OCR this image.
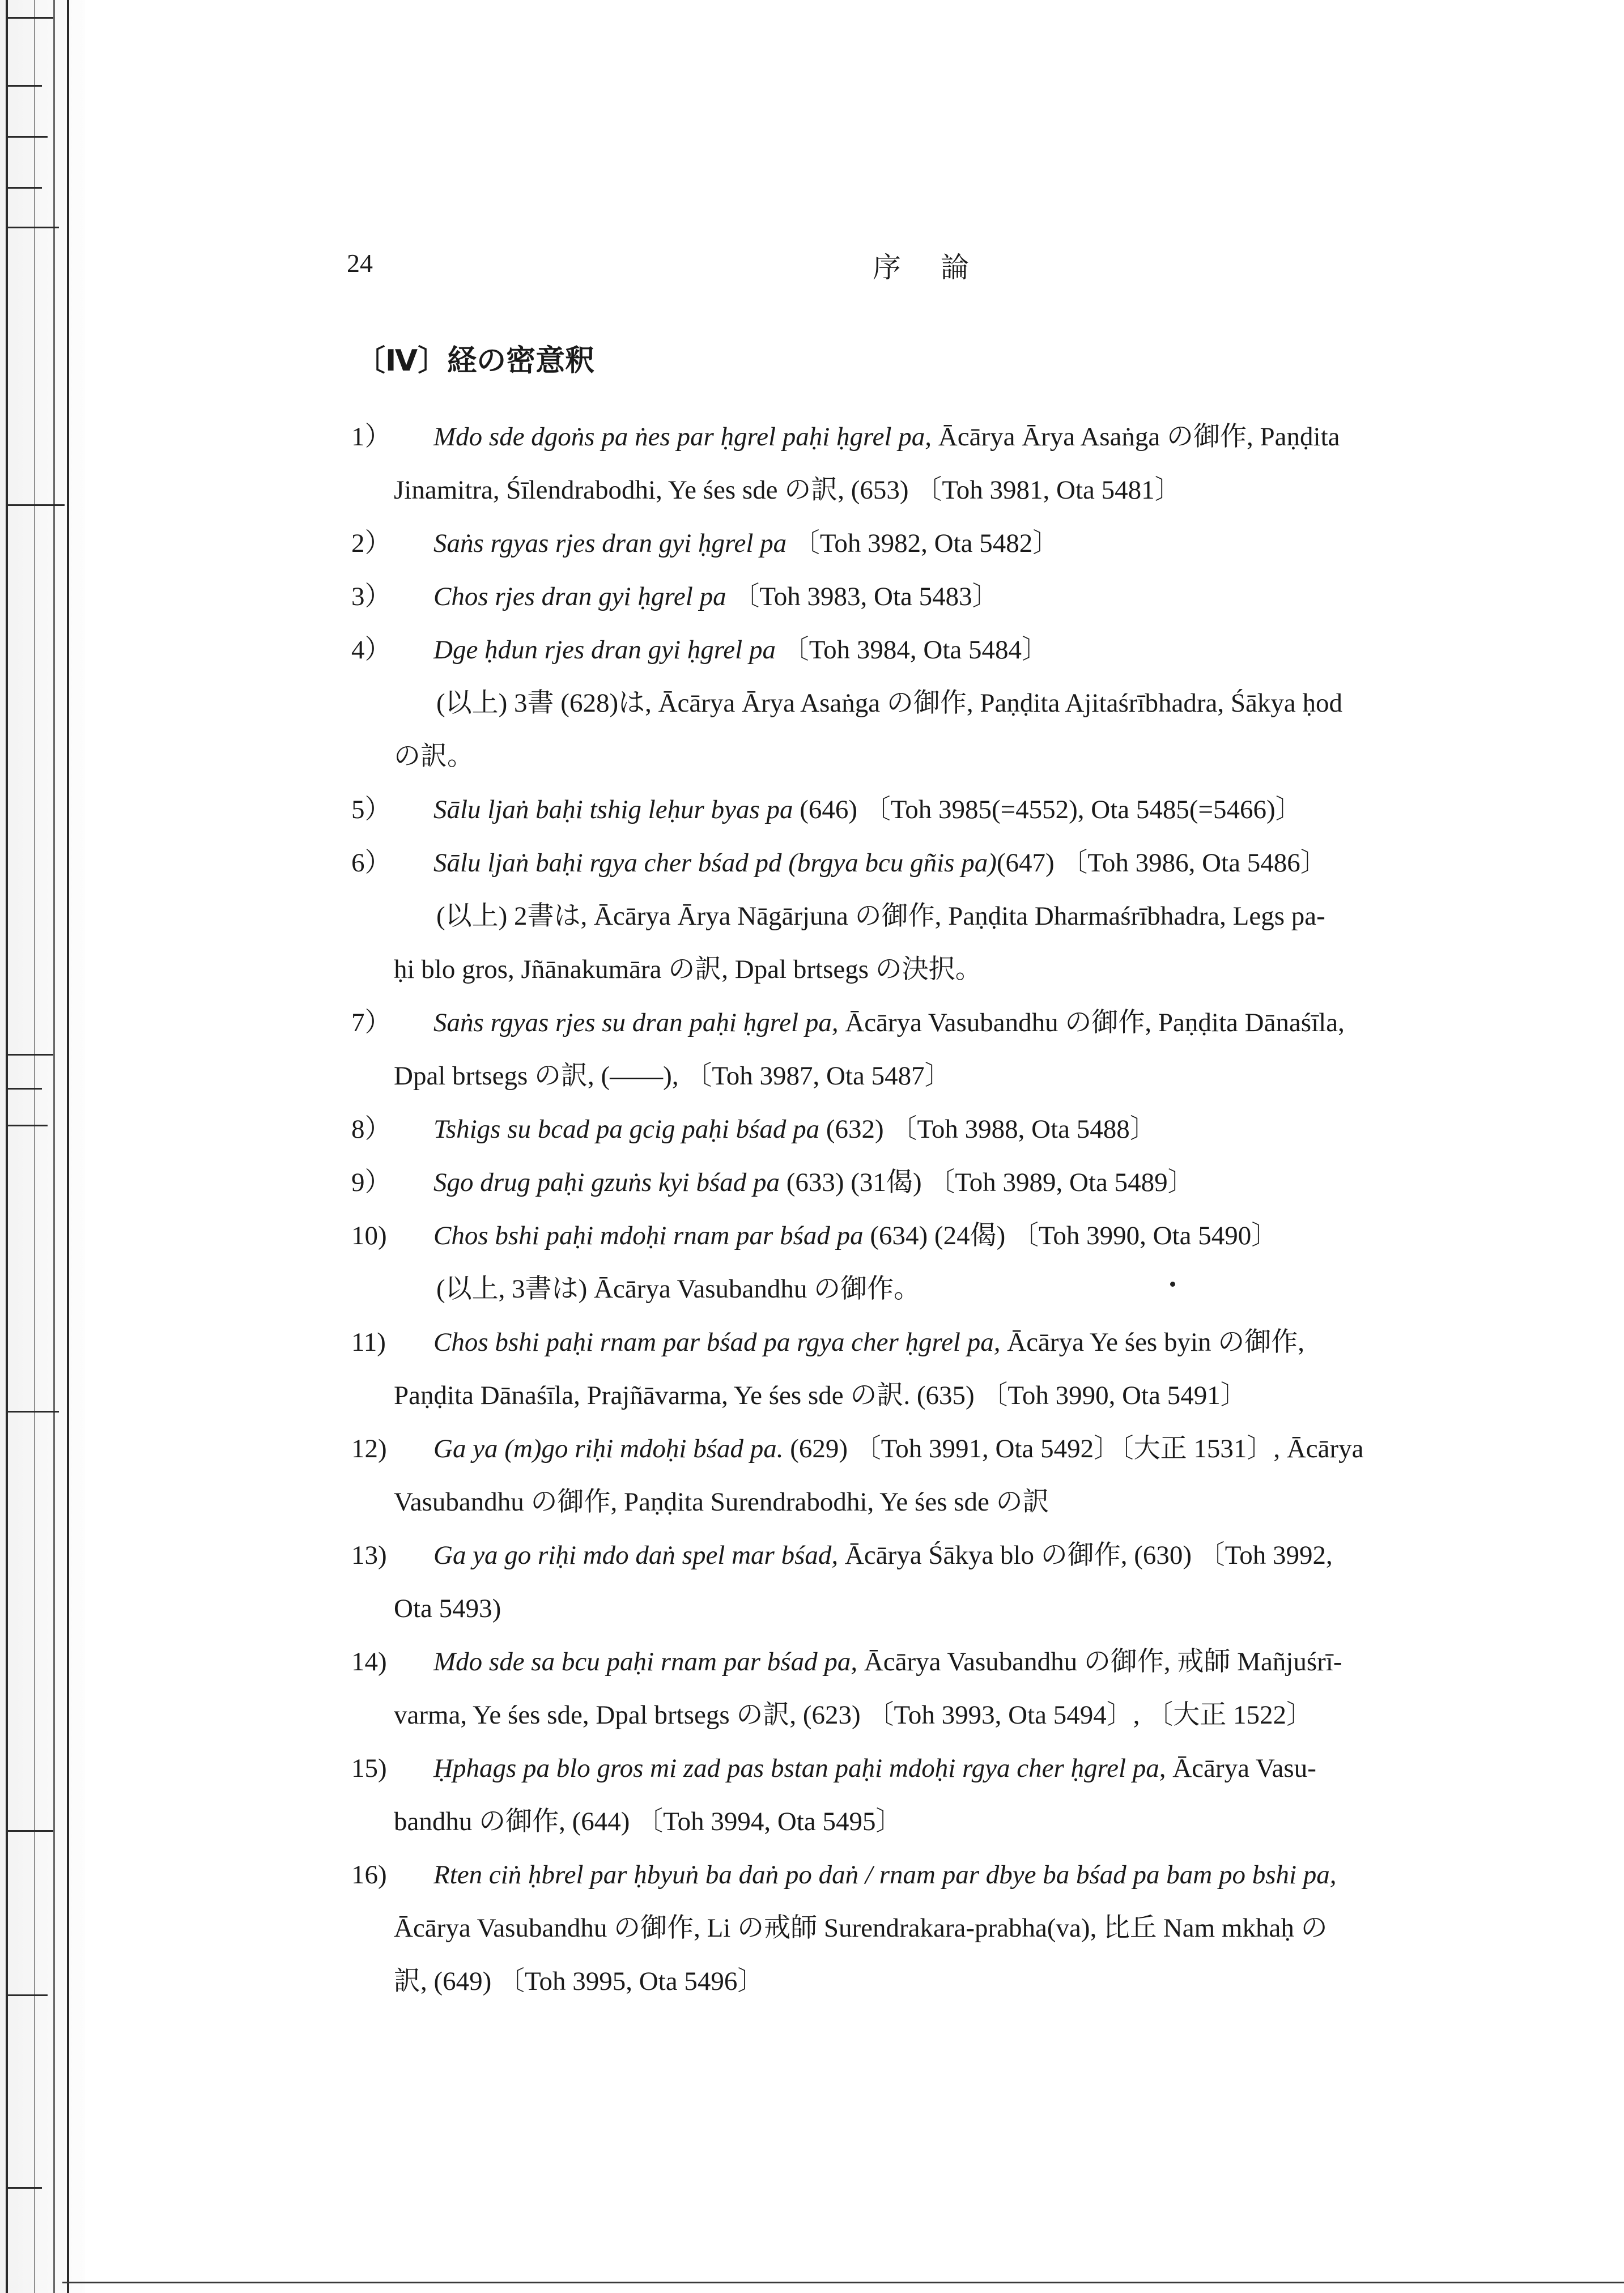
24	序論
〔Ⅳ〕経の密意釈
1） Mdo sde dgoṅs pa ṅes par ḥgrel paḥi ḥgrel pa, Ācārya Ārya Asaṅga の御作, Paṇḍita
Jinamitra, Śīlendrabodhi, Ye śes sde の訳, (653) 〔Toh 3981, Ota 5481〕
2） Saṅs rgyas rjes dran gyi ḥgrel pa 〔Toh 3982, Ota 5482〕
3） Chos rjes dran gyi ḥgrel pa 〔Toh 3983, Ota 5483〕
4） Dge ḥdun rjes dran gyi ḥgrel pa 〔Toh 3984, Ota 5484〕
(以上) 3書 (628)は, Ācārya Ārya Asaṅga の御作, Paṇḍita Ajitaśrībhadra, Śākya ḥod
の訳。
5） Sālu ljaṅ baḥi tshig leḥur byas pa (646) 〔Toh 3985(=4552), Ota 5485(=5466)〕
6） Sālu ljaṅ baḥi rgya cher bśad pd (brgya bcu gñis pa)(647) 〔Toh 3986, Ota 5486〕
(以上) 2書は, Ācārya Ārya Nāgārjuna の御作, Paṇḍita Dharmaśrībhadra, Legs pa-
ḥi blo gros, Jñānakumāra の訳, Dpal brtsegs の決択。
7） Saṅs rgyas rjes su dran paḥi ḥgrel pa, Ācārya Vasubandhu の御作, Paṇḍita Dānaśīla,
Dpal brtsegs の訳, (——), 〔Toh 3987, Ota 5487〕
8） Tshigs su bcad pa gcig paḥi bśad pa (632) 〔Toh 3988, Ota 5488〕
9） Sgo drug paḥi gzuṅs kyi bśad pa (633) (31偈) 〔Toh 3989, Ota 5489〕
10) Chos bshi paḥi mdoḥi rnam par bśad pa (634) (24偈) 〔Toh 3990, Ota 5490〕
(以上, 3書は) Ācārya Vasubandhu の御作。
11) Chos bshi paḥi rnam par bśad pa rgya cher ḥgrel pa, Ācārya Ye śes byin の御作,
Paṇḍita Dānaśīla, Prajñāvarma, Ye śes sde の訳. (635) 〔Toh 3990, Ota 5491〕
12) Ga ya (m)go riḥi mdoḥi bśad pa. (629) 〔Toh 3991, Ota 5492〕〔大正 1531〕, Ācārya
Vasubandhu の御作, Paṇḍita Surendrabodhi, Ye śes sde の訳
13) Ga ya go riḥi mdo daṅ spel mar bśad, Ācārya Śākya blo の御作, (630) 〔Toh 3992,
Ota 5493)
14) Mdo sde sa bcu paḥi rnam par bśad pa, Ācārya Vasubandhu の御作, 戒師 Mañjuśrī-
varma, Ye śes sde, Dpal brtsegs の訳, (623) 〔Toh 3993, Ota 5494〕, 〔大正 1522〕
15) Ḥphags pa blo gros mi zad pas bstan paḥi mdoḥi rgya cher ḥgrel pa, Ācārya Vasu-
bandhu の御作, (644) 〔Toh 3994, Ota 5495〕
16) Rten ciṅ ḥbrel par ḥbyuṅ ba daṅ po daṅ / rnam par dbye ba bśad pa bam po bshi pa,
Ācārya Vasubandhu の御作, Li の戒師 Surendrakara-prabha(va), 比丘 Nam mkhaḥ の
訳, (649) 〔Toh 3995, Ota 5496〕
